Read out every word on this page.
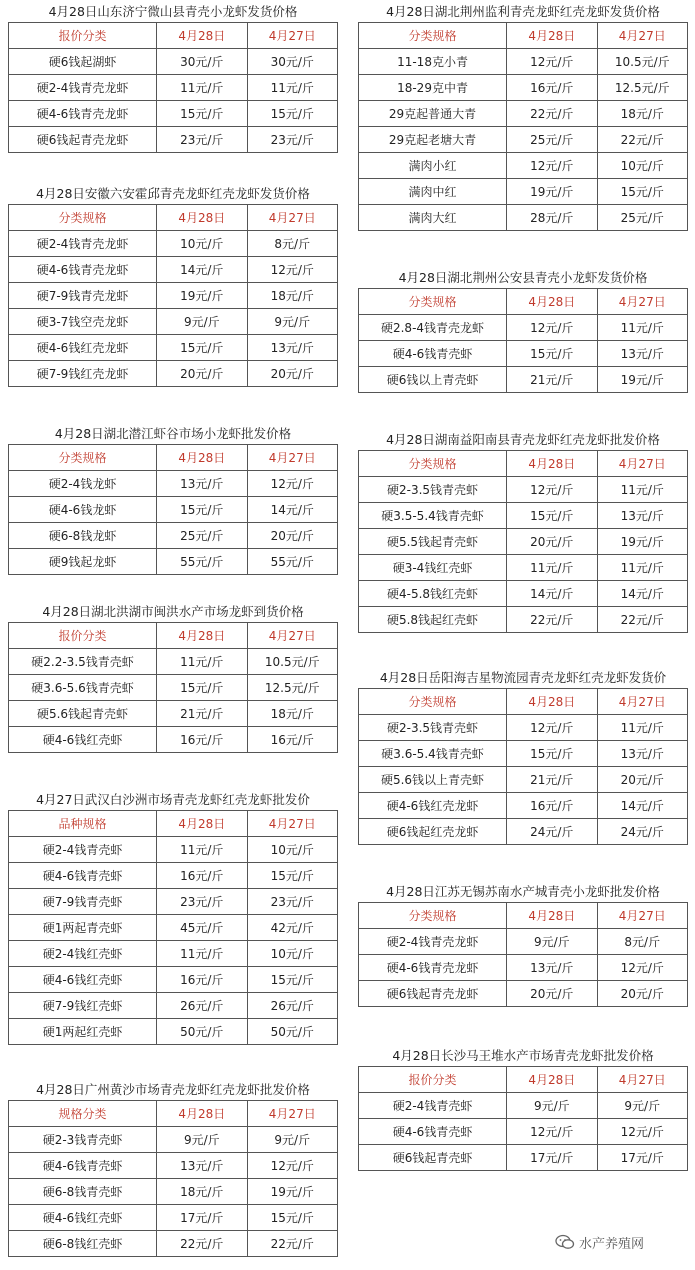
4月28日山东济宁微山县青壳小龙虾发货价格
报价分类	4月28日	4月27日
硬6钱起湖虾	30元/斤	30元/斤
硬2-4钱青壳龙虾	11元/斤	11元/斤
硬4-6钱青壳龙虾	15元/斤	15元/斤
硬6钱起青壳龙虾	23元/斤	23元/斤
4月28日安徽六安霍邱青壳龙虾红壳龙虾发货价格
分类规格	4月28日	4月27日
硬2-4钱青壳龙虾	10元/斤	8元/斤
硬4-6钱青壳龙虾	14元/斤	12元/斤
硬7-9钱青壳龙虾	19元/斤	18元/斤
硬3-7钱空壳龙虾	9元/斤	9元/斤
硬4-6钱红壳龙虾	15元/斤	13元/斤
硬7-9钱红壳龙虾	20元/斤	20元/斤
4月28日湖北潜江虾谷市场小龙虾批发价格
分类规格	4月28日	4月27日
硬2-4钱龙虾	13元/斤	12元/斤
硬4-6钱龙虾	15元/斤	14元/斤
硬6-8钱龙虾	25元/斤	20元/斤
硬9钱起龙虾	55元/斤	55元/斤
4月28日湖北洪湖市闽洪水产市场龙虾到货价格
报价分类	4月28日	4月27日
硬2.2-3.5钱青壳虾	11元/斤	10.5元/斤
硬3.6-5.6钱青壳虾	15元/斤	12.5元/斤
硬5.6钱起青壳虾	21元/斤	18元/斤
硬4-6钱红壳虾	16元/斤	16元/斤
4月27日武汉白沙洲市场青壳龙虾红壳龙虾批发价
品种规格	4月28日	4月27日
硬2-4钱青壳虾	11元/斤	10元/斤
硬4-6钱青壳虾	16元/斤	15元/斤
硬7-9钱青壳虾	23元/斤	23元/斤
硬1两起青壳虾	45元/斤	42元/斤
硬2-4钱红壳虾	11元/斤	10元/斤
硬4-6钱红壳虾	16元/斤	15元/斤
硬7-9钱红壳虾	26元/斤	26元/斤
硬1两起红壳虾	50元/斤	50元/斤
4月28日广州黄沙市场青壳龙虾红壳龙虾批发价格
规格分类	4月28日	4月27日
硬2-3钱青壳虾	9元/斤	9元/斤
硬4-6钱青壳虾	13元/斤	12元/斤
硬6-8钱青壳虾	18元/斤	19元/斤
硬4-6钱红壳虾	17元/斤	15元/斤
硬6-8钱红壳虾	22元/斤	22元/斤
4月28日湖北荆州监利青壳龙虾红壳龙虾发货价格
分类规格	4月28日	4月27日
11-18克小青	12元/斤	10.5元/斤
18-29克中青	16元/斤	12.5元/斤
29克起普通大青	22元/斤	18元/斤
29克起老塘大青	25元/斤	22元/斤
满肉小红	12元/斤	10元/斤
满肉中红	19元/斤	15元/斤
满肉大红	28元/斤	25元/斤
4月28日湖北荆州公安县青壳小龙虾发货价格
分类规格	4月28日	4月27日
硬2.8-4钱青壳龙虾	12元/斤	11元/斤
硬4-6钱青壳虾	15元/斤	13元/斤
硬6钱以上青壳虾	21元/斤	19元/斤
4月28日湖南益阳南县青壳龙虾红壳龙虾批发价格
分类规格	4月28日	4月27日
硬2-3.5钱青壳虾	12元/斤	11元/斤
硬3.5-5.4钱青壳虾	15元/斤	13元/斤
硬5.5钱起青壳虾	20元/斤	19元/斤
硬3-4钱红壳虾	11元/斤	11元/斤
硬4-5.8钱红壳虾	14元/斤	14元/斤
硬5.8钱起红壳虾	22元/斤	22元/斤
4月28日岳阳海吉星物流园青壳龙虾红壳龙虾发货价
分类规格	4月28日	4月27日
硬2-3.5钱青壳虾	12元/斤	11元/斤
硬3.6-5.4钱青壳虾	15元/斤	13元/斤
硬5.6钱以上青壳虾	21元/斤	20元/斤
硬4-6钱红壳龙虾	16元/斤	14元/斤
硬6钱起红壳龙虾	24元/斤	24元/斤
4月28日江苏无锡苏南水产城青壳小龙虾批发价格
分类规格	4月28日	4月27日
硬2-4钱青壳龙虾	9元/斤	8元/斤
硬4-6钱青壳龙虾	13元/斤	12元/斤
硬6钱起青壳龙虾	20元/斤	20元/斤
4月28日长沙马王堆水产市场青壳龙虾批发价格
报价分类	4月28日	4月27日
硬2-4钱青壳虾	9元/斤	9元/斤
硬4-6钱青壳虾	12元/斤	12元/斤
硬6钱起青壳虾	17元/斤	17元/斤
水产养殖网
